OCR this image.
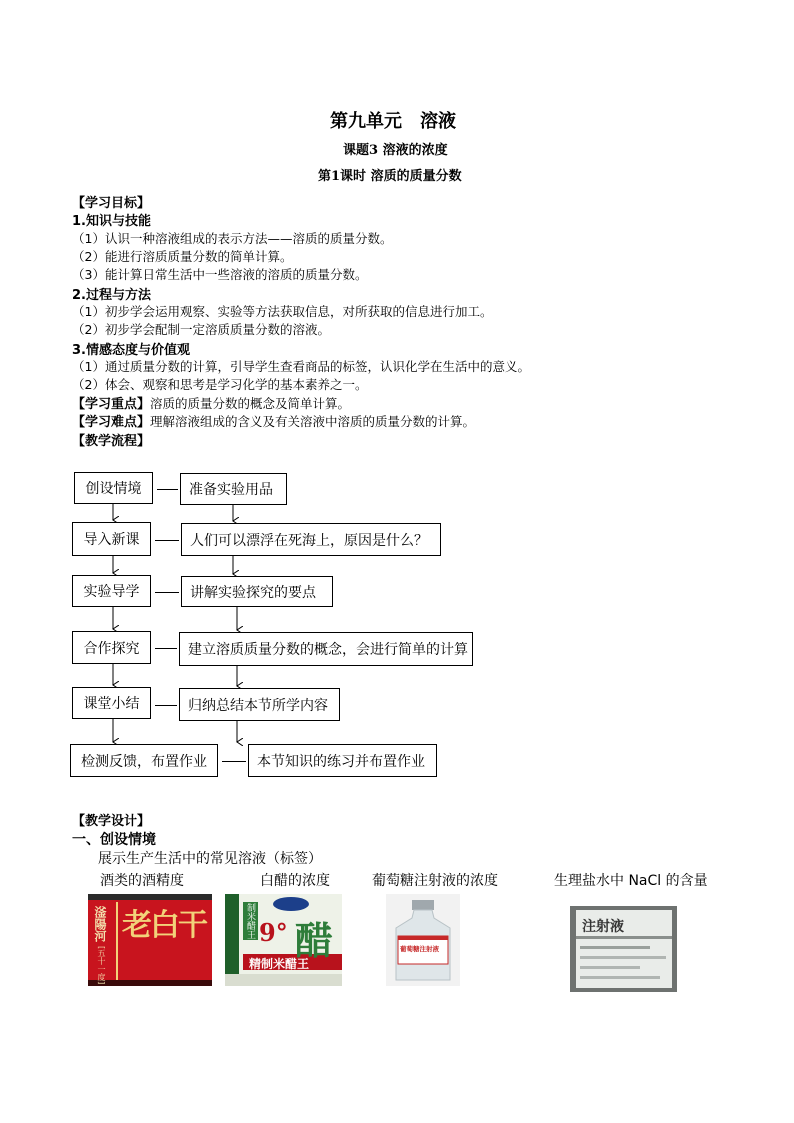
第九单元　溶液
课题3 溶液的浓度
第1课时 溶质的质量分数
【学习目标】
1.知识与技能
（1）认识一种溶液组成的表示方法——溶质的质量分数。
（2）能进行溶质质量分数的简单计算。
（3）能计算日常生活中一些溶液的溶质的质量分数。
2.过程与方法
（1）初步学会运用观察、实验等方法获取信息，对所获取的信息进行加工。
（2）初步学会配制一定溶质质量分数的溶液。
3.情感态度与价值观
（1）通过质量分数的计算，引导学生查看商品的标签，认识化学在生活中的意义。
（2）体会、观察和思考是学习化学的基本素养之一。
【学习重点】溶质的质量分数的概念及简单计算。
【学习难点】理解溶液组成的含义及有关溶液中溶质的质量分数的计算。
【教学流程】
创设情境
导入新课
实验导学
合作探究
课堂小结
检测反馈，布置作业
准备实验用品
人们可以漂浮在死海上，原因是什么？
讲解实验探究的要点
建立溶质质量分数的概念，会进行简单的计算
归纳总结本节所学内容
本节知识的练习并布置作业
【教学设计】
一、创设情境
展示生产生活中的常见溶液（标签）
酒类的酒精度	白醋的浓度	葡萄糖注射液的浓度	生理盐水中 NaCl 的含量
滏陽河
[五十一度]
老白干	制米醋王 9° 醋
精制米醋王
葡萄糖注射液
注射液
